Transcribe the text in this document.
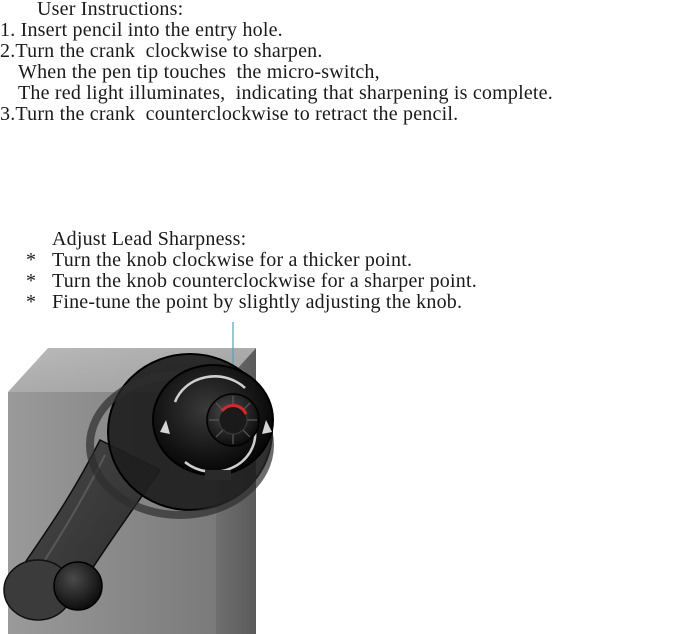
User Instructions:
1. Insert pencil into the entry hole.
2.Turn the crank  clockwise to sharpen.
When the pen tip touches  the micro-switch,
The red light illuminates,  indicating that sharpening is complete.
3.Turn the crank  counterclockwise to retract the pencil.
Adjust Lead Sharpness:
* Turn the knob clockwise for a thicker point.
* Turn the knob counterclockwise for a sharper point.
* Fine-tune the point by slightly adjusting the knob.
